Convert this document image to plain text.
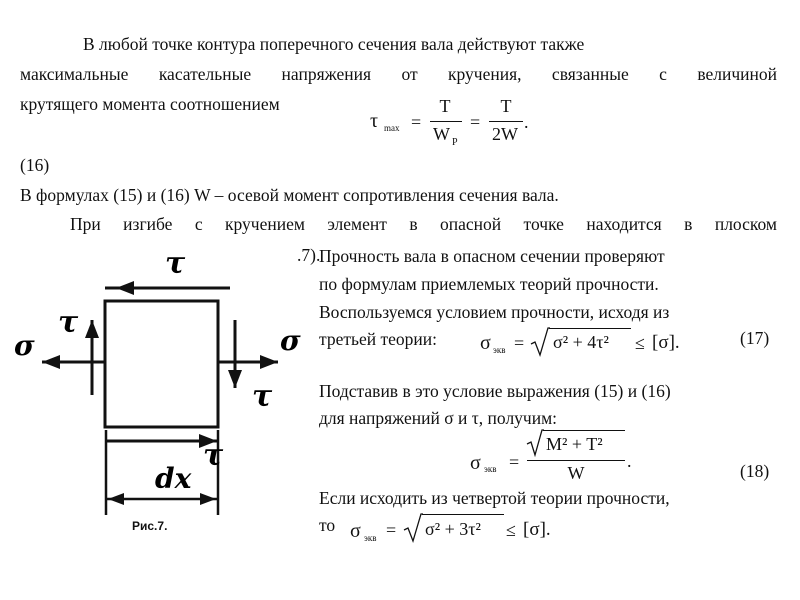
В любой точке контура поперечного сечения вала действуют также
максимальные касательные напряжения от кручения, связанные с величиной
крутящего момента соотношением
τ max =
T
W P
=
T
2W
.
(16)
В формулах (15) и (16) W – осевой момент сопротивления сечения вала.
При изгибе с кручением элемент в опасной точке находится в плоском
τ
τ
τ
τ
σ	σ
dx
Рис.7.
.7).
Прочность вала в опасном сечении проверяют
по формулам приемлемых теорий прочности.
Воспользуемся условием прочности, исходя из
третьей теории: σ экв = σ² + 4τ² ≤ [σ].	(17)
Подставив в это условие выражения (15) и (16)
для напряжений σ и τ, получим:
σ экв =
M² + T²
W
.	(18)
Если исходить из четвертой теории прочности,
то σ экв = σ² + 3τ² ≤ [σ].
